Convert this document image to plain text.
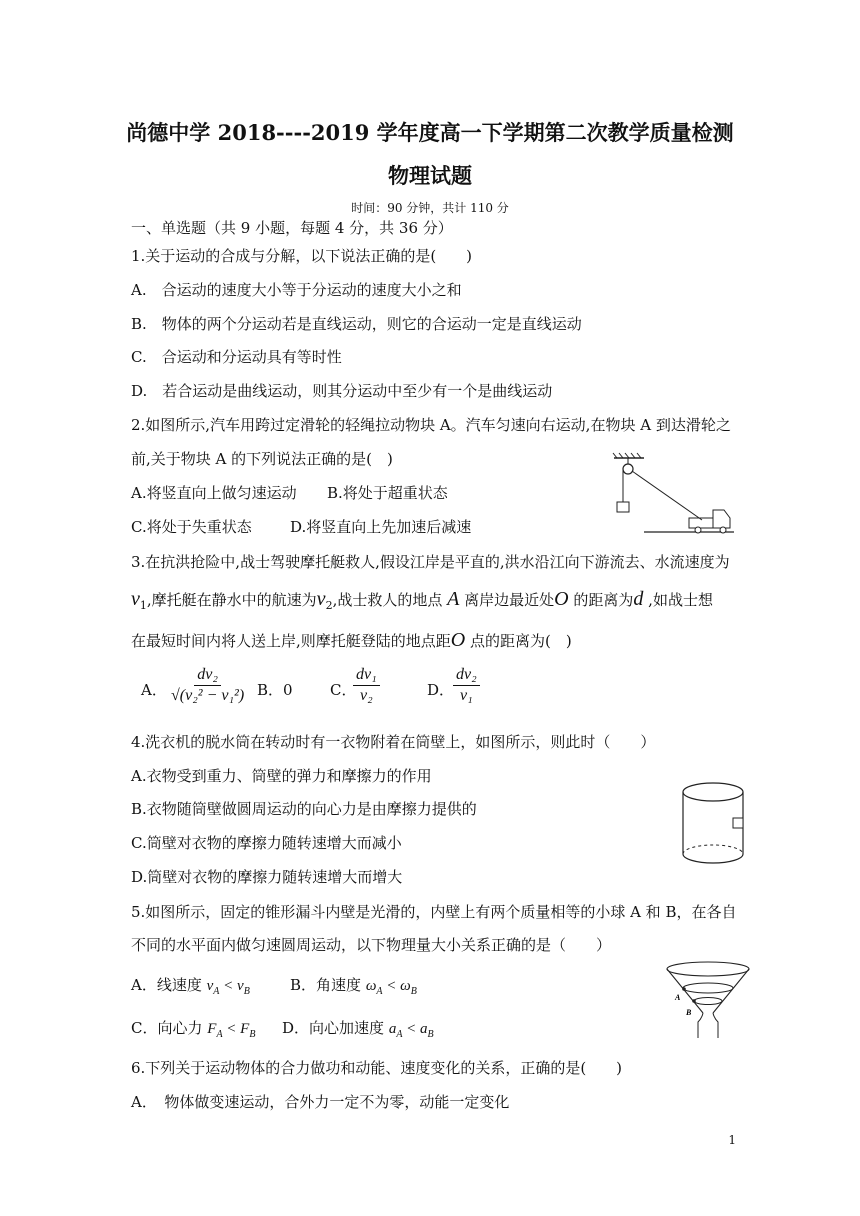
尚德中学 2018----2019 学年度高一下学期第二次教学质量检测
物理试题
时间：90 分钟，共计 110 分
一、单选题（共 9 小题，每题 4 分，共 36 分）
1.关于运动的合成与分解，以下说法正确的是(　　)
A.　合运动的速度大小等于分运动的速度大小之和
B.　物体的两个分运动若是直线运动，则它的合运动一定是直线运动
C.　合运动和分运动具有等时性
D.　若合运动是曲线运动，则其分运动中至少有一个是曲线运动
2.如图所示,汽车用跨过定滑轮的轻绳拉动物块 A。汽车匀速向右运动,在物块 A 到达滑轮之
前,关于物块 A 的下列说法正确的是(　)
A.将竖直向上做匀速运动 B.将处于超重状态
C.将处于失重状态	D.将竖直向上先加速后减速
3.在抗洪抢险中,战士驾驶摩托艇救人,假设江岸是平直的,洪水沿江向下游流去、水流速度为
$v_1$,摩托艇在静水中的航速为$v_2$,战士救人的地点 A 离岸边最近处O 的距离为d ,如战士想
在最短时间内将人送上岸,则摩托艇登陆的地点距O 点的距离为(　)
A． $\frac{\text{dv₂}}{\text{√(v₂² − v₁²)}}$ B．0 C．
$\frac{\text{dv₁}}{\text{v₂}}$	D．
$\frac{\text{dv₂}}{\text{v₁}}$
4.洗衣机的脱水筒在转动时有一衣物附着在筒壁上，如图所示，则此时（　　）
A.衣物受到重力、筒壁的弹力和摩擦力的作用
B.衣物随筒壁做圆周运动的向心力是由摩擦力提供的
C.筒壁对衣物的摩擦力随转速增大而减小
D.筒壁对衣物的摩擦力随转速增大而增大
5.如图所示，固定的锥形漏斗内壁是光滑的，内壁上有两个质量相等的小球 A 和 B，在各自
不同的水平面内做匀速圆周运动，以下物理量大小关系正确的是（　　）
A．线速度 $v_A < v_B$	B．角速度 $\omega_A < \omega_B$
C．向心力 $F_A < F_B$ D．向心加速度 $a_A < a_B$
A
B
6.下列关于运动物体的合力做功和动能、速度变化的关系，正确的是(　　)
A．　物体做变速运动，合外力一定不为零，动能一定变化
1
